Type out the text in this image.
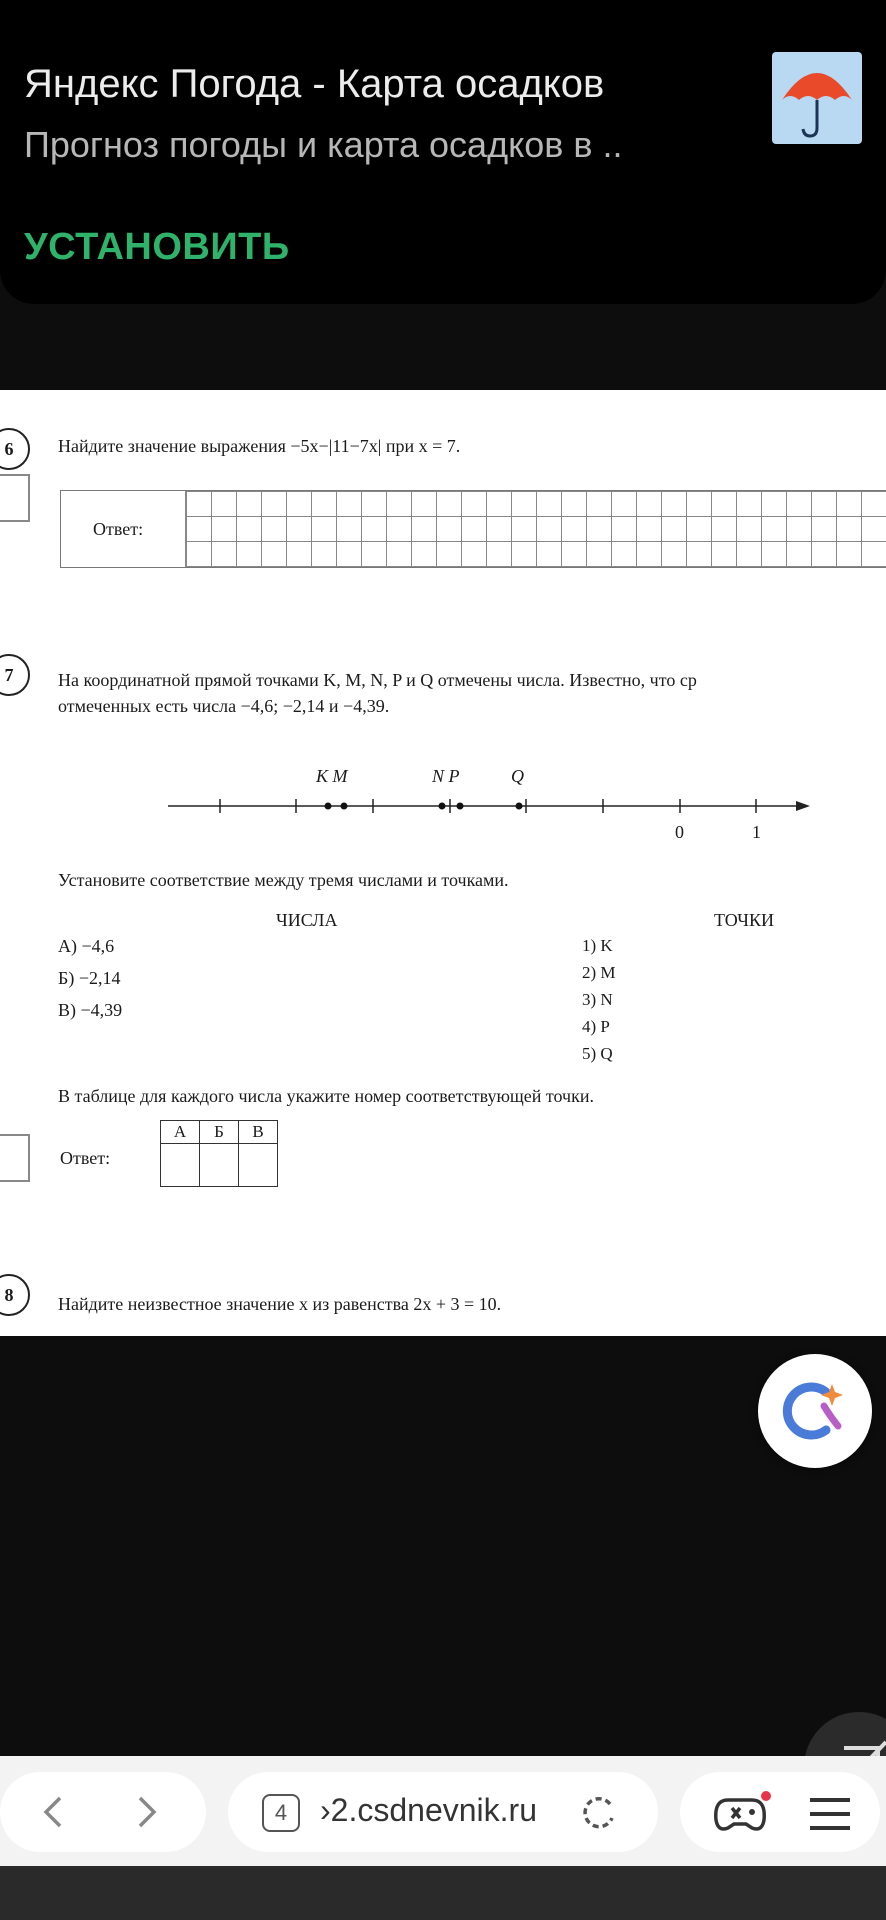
Яндекс Погода - Карта осадков
Прогноз погоды и карта осадков в ..
УСТАНОВИТЬ
6	Найдите значение выражения −5x−|11−7x| при x = 7.
Ответ:
7	На координатной прямой точками K, M, N, P и Q отмечены числа. Известно, что ср
отмеченных есть числа −4,6; −2,14 и −4,39.
K M	N P	Q
0	1
Установите соответствие между тремя числами и точками.
ЧИСЛА	ТОЧКИ
А) −4,6
Б) −2,14
В) −4,39
1) K
2) M
3) N
4) P
5) Q
В таблице для каждого числа укажите номер соответствующей точки.
Ответ:
А	Б	В

8	Найдите неизвестное значение x из равенства 2x + 3 = 10.
4	›2.csdnevnik.ru
